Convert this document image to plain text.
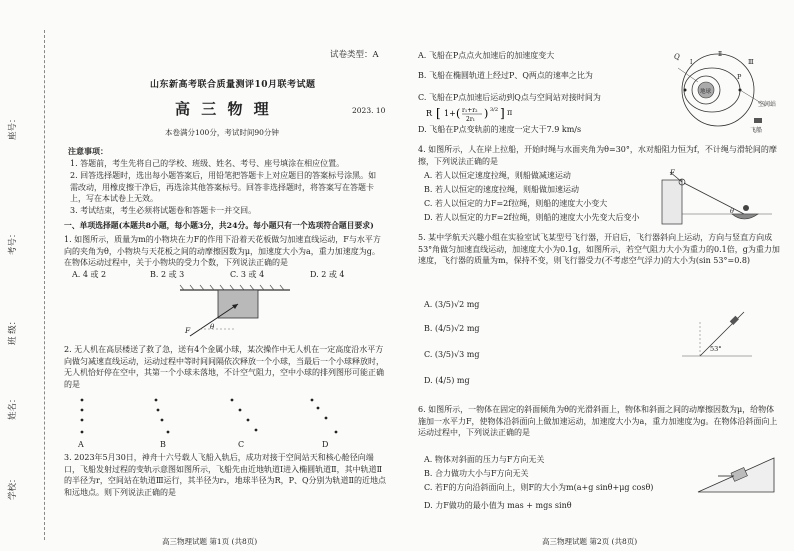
座号：
考号：
班 级：
姓名：
学校：
试卷类型：A
山东新高考联合质量测评10月联考试题
高 三 物 理	2023. 10
本卷满分100分，考试时间90分钟
注意事项：
1. 答题前，考生先将自己的学校、班级、姓名、考号、座号填涂在相应位置。
2. 回答选择题时，选出每小题答案后，用铅笔把答题卡上对应题目的答案标号涂黑。如需改动，用橡皮擦干净后，再选涂其他答案标号。回答非选择题时，将答案写在答题卡上，写在本试卷上无效。
3. 考试结束，考生必须将试题卷和答题卡一并交回。
一、单项选择题(本题共8小题，每小题3分，共24分。每小题只有一个选项符合题目要求)
1. 如图所示，质量为m的小物块在力F的作用下沿着天花板做匀加速直线运动，F与水平方向的夹角为θ，小物块与天花板之间的动摩擦因数为μ，加速度大小为a，重力加速度为g。在物体运动过程中，关于小物块的受力个数，下列说法正确的是
A. 4 或 2	B. 2 或 3	C. 3 或 4	D. 2 或 4
F	θ
2. 无人机在高层楼送了救了急，送有4个金属小球，某次操作中无人机在一定高度沿水平方向做匀减速直线运动，运动过程中等时间间隔依次释放一个小球，当最后一个小球释放时，无人机恰好停在空中，其第一个小球未落地，不计空气阻力，空中小球的排列图形可能正确的是
A	B	C	D
3. 2023年5月30日，神舟十六号载人飞船入轨后，成功对接于空间站天和核心舱径向端口，飞船发射过程的变轨示意图如图所示，飞船先由近地轨道Ⅰ进入椭圆轨道Ⅱ，其中轨道Ⅱ的半径为r，空间站在轨道Ⅲ运行，其半径为r₂，地球半径为R，P、Q分别为轨道Ⅱ的近地点和远地点。则下列说法正确的是
高三物理试题 第1页 (共8页)
A. 飞船在P点点火加速后的加速度变大
B. 飞船在椭圆轨道上经过P、Q两点的速率之比为
C. 飞船在P点加速后运动到Q点与空间站对接时间为
R [ 1+ ( r₁+r₂
2r₁ ) 3/2 ] π
D. 飞船在P点变轨前的速度一定大于7.9 km/s
Q
P
Ⅰ
Ⅱ
Ⅲ
地球
空间站
飞船
4. 如图所示，人在岸上拉船，开始时绳与水面夹角为θ=30°，水对船阻力恒为f，不计绳与滑轮间的摩擦，下列说法正确的是
A. 若人以恒定速度拉绳，则船做减速运动
B. 若人以恒定的速度拉绳，则船做加速运动
C. 若人以恒定的力F=2f拉绳，则船的速度大小变大
D. 若人以恒定的力F=2f拉绳，则船的速度大小先变大后变小
F
θ
5. 某中学航天兴趣小组在实验室试飞某型号飞行器，开启后，飞行器斜向上运动，方向与竖直方向成53°角做匀加速直线运动，加速度大小为0.1g，如图所示，若空气阻力大小为重力的0.1倍，g为重力加速度，飞行器的质量为m，保持不变，则飞行器受力(不考虑空气浮力)的大小为(sin 53°=0.8)
A. (3/5)√2 mg
B. (4/5)√2 mg
C. (3/5)√3 mg
D. (4/5) mg
53°
6. 如图所示，一物体在固定的斜面倾角为θ的光滑斜面上，物体和斜面之间的动摩擦因数为μ，给物体施加一水平力F，使物体沿斜面向上做加速运动，加速度大小为a，重力加速度为g。在物体沿斜面向上运动过程中，下列说法正确的是
A. 物体对斜面的压力与F方向无关
B. 合力做功大小与F方向无关
C. 若F的方向沿斜面向上，则F的大小为m(a+g sinθ+μg cosθ)
D. 力F做功的最小值为 mas + mgs sinθ
高三物理试题 第2页 (共8页)
